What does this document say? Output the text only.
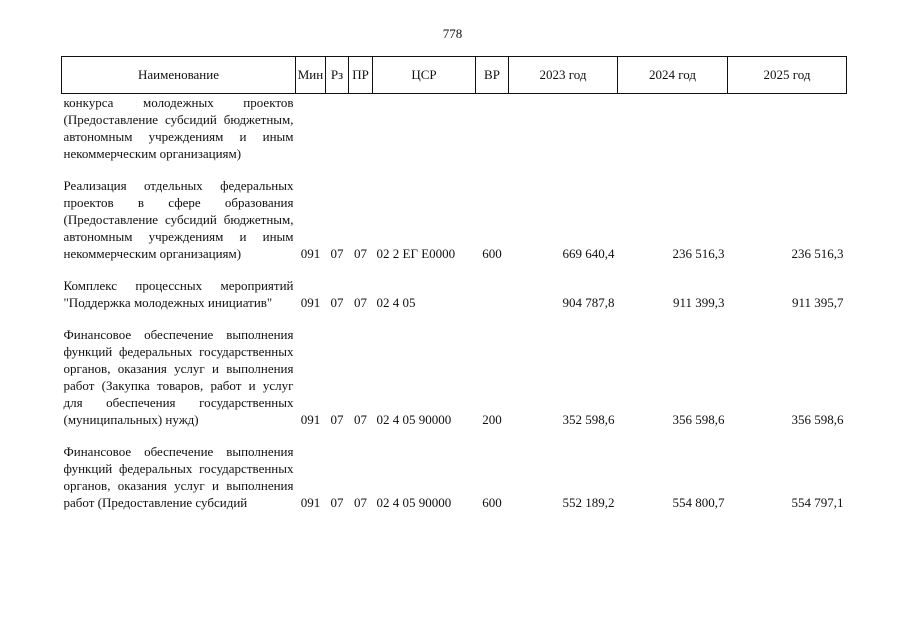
778
Наименование	Мин	Рз	ПР	ЦСР	ВР	2023 год	2024 год	2025 год
конкурса молодежных проектов (Предоставление субсидий бюджетным, автономным учреждениям и иным некоммерческим организациям)								
Реализация отдельных федеральных проектов в сфере образования (Предоставление субсидий бюджетным, автономным учреждениям и иным некоммерческим организациям)	091	07	07	02 2 ЕГ Е0000	600	669 640,4	236 516,3	236 516,3
Комплекс процессных мероприятий "Поддержка молодежных инициатив"	091	07	07	02 4 05		904 787,8	911 399,3	911 395,7
Финансовое обеспечение выполнения функций федеральных государственных органов, оказания услуг и выполнения работ (Закупка товаров, работ и услуг для обеспечения государственных (муниципальных) нужд)	091	07	07	02 4 05 90000	200	352 598,6	356 598,6	356 598,6
Финансовое обеспечение выполнения функций федеральных государственных органов, оказания услуг и выполнения работ (Предоставление субсидий	091	07	07	02 4 05 90000	600	552 189,2	554 800,7	554 797,1
